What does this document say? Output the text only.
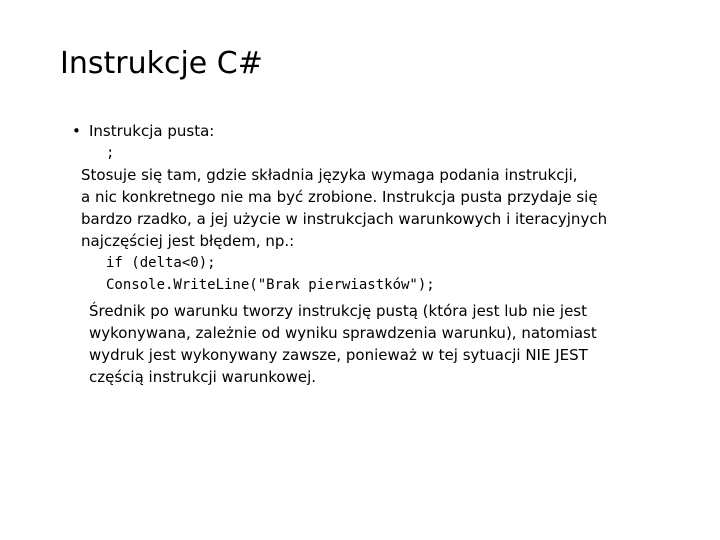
Instrukcje C#
• Instrukcja pusta:
;
Stosuje się tam, gdzie składnia języka wymaga podania instrukcji,
a nic konkretnego nie ma być zrobione. Instrukcja pusta przydaje się
bardzo rzadko, a jej użycie w instrukcjach warunkowych i iteracyjnych
najczęściej jest błędem, np.:
if (delta<0);
Console.WriteLine("Brak pierwiastków");
Średnik po warunku tworzy instrukcję pustą (która jest lub nie jest
wykonywana, zależnie od wyniku sprawdzenia warunku), natomiast
wydruk jest wykonywany zawsze, ponieważ w tej sytuacji NIE JEST
częścią instrukcji warunkowej.
